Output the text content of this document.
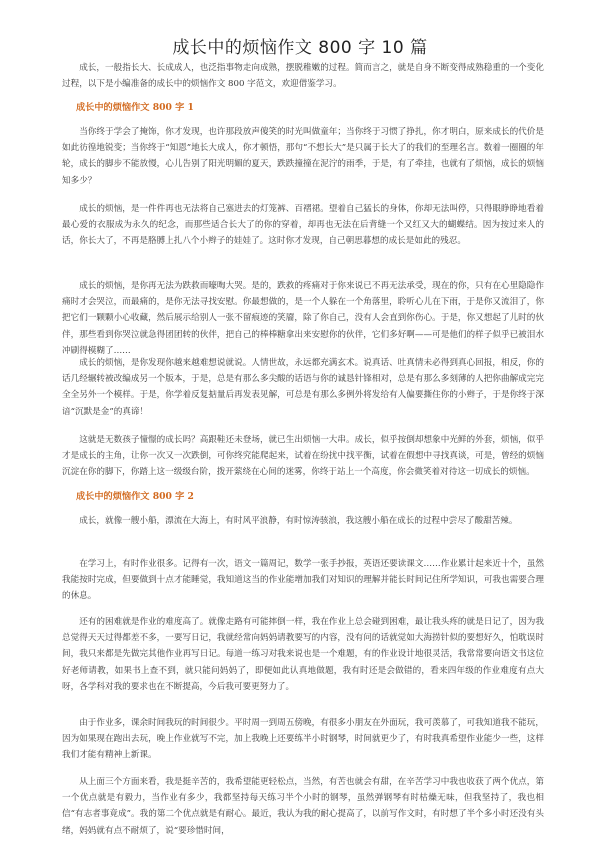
成长中的烦恼作文 800 字 10 篇

成长，一般指长大、长成成人，也泛指事物走向成熟，摆脱稚嫩的过程。简而言之，就是自身不断变得成熟稳重的一个变化过程，以下是小编准备的成长中的烦恼作文 800 字范文，欢迎借鉴学习。

成长中的烦恼作文 800 字 1

当你终于学会了掩饰，你才发现，也许那段放声傻笑的时光叫做童年；当你终于习惯了挣扎，你才明白，原来成长的代价是如此彷徨地锐变；当你终于“知恩”地长大成人，你才顿悟，那句“不想长大”是只属于长大了的我们的至理名言。数着一圈圈的年轮，成长的脚步不能放慢，心儿告别了阳光明媚的夏天，跌跌撞撞在泥泞的雨季，于是，有了牵挂，也就有了烦恼，成长的烦恼知多少？

成长的烦恼，是一件件再也无法将自己塞进去的灯笼裤、百褶裙。望着自己猛长的身体，你却无法叫停，只得眼睁睁地看着最心爱的衣服成为永久的纪念，而那些适合长大了的你的穿着，却再也无法在后背缝一个又红又大的蝴蝶结。因为按过来人的话，你长大了，不再是胳膊上扎八个小辫子的娃娃了。这时你才发现，自己朝思暮想的成长是如此的残忍。

成长的烦恼，是你再无法为跌救而嚎啕大哭。是的，跌救的疼痛对于你来说已不再无法承受，现在的你，只有在心里隐隐作痛时才会哭泣，而最痛的，是你无法寻找安慰。你最想做的，是一个人躲在一个角落里，聆听心儿在下雨，于是你又流泪了，你把它们一颗颗小心收藏，然后展示给别人一张不留痕迹的笑靥，除了你自己，没有人会直到你伤心。于是，你又想起了儿时的伙伴，那些看到你哭泣就急得团团转的伙伴，把自己的棒棒糖拿出来安慰你的伙伴，它们多好啊——可是他们的样子似乎已被泪水冲刷得模糊了……

成长的烦恼，是你发现你越来越难想说就说。人情世故，永远都充满玄术。说真话、吐真情未必得到真心回报，相反，你的话几经辗转被改编成另一个版本，于是，总是有那么多尖酸的话语与你的诚恳针锋相对，总是有那么多刻薄的人把你曲解成完完全全另外一个模样。于是，你学着反复掂量后再发表见解，可总是有那么多例外将发给有人偏要撕住你的小辫子，于是你终于深谙“沉默是金”的真谛！

这就是无数孩子憧憬的成长吗？高跟鞋还未登场，就已生出烦恼一大串。成长，似乎按倒却想象中光鲜的外套，烦恼，似乎才是成长的主角，让你一次又一次跌倒，可你终究能爬起来，试着在纷扰中找平衡，试着在假想中寻找真谈，可是，曾经的烦恼沉淀在你的脚下，你踏上这一级级台阶，拨开萦绕在心间的迷雾，你终于站上一个高度，你会微笑着对待这一切成长的烦恼。

成长中的烦恼作文 800 字 2

成长，就像一艘小船，漂流在大海上，有时风平浪静，有时惊涛骇浪，我这艘小船在成长的过程中尝尽了酸甜苦辣。

在学习上，有时作业很多。记得有一次，语文一篇周记，数学一张手抄报，英语还要读课文……作业累计起来近十个，虽然我能按时完成，但要做到十点才能睡觉，我知道这当的作业能增加我们对知识的理解并能长时间记住所学知识，可我也需要合理的休息。

还有的困难就是作业的难度高了。就像走路有可能摔倒一样，我在作业上总会碰到困难，最让我头疼的就是日记了，因为我总觉得天天过得都差不多，一要写日记，我就经常向妈妈请教要写的内容，没有问的话就觉如大海捞针似的要想好久，怕耽误时间，我只来都是先做完其他作业再写日记。每道一练习对我来说也是一个难题，有的作业设计地很灵活，我常常要向语文书这位好老师请教，如果书上查不到，就只能问妈妈了，即便如此认真地做题，我有时还是会做错的，看来四年级的作业难度有点大呀，各学科对我的要求也在不断提高，今后我可要更努力了。

由于作业多，课余时间我玩的时间很少。平时周一到周五傍晚，有很多小朋友在外面玩，我可羡慕了，可我知道我不能玩，因为如果现在跑出去玩，晚上作业就写不完，加上我晚上还要练半小时钢琴，时间就更少了，有时我真希望作业能少一些，这样我们才能有精神上新课。

从上面三个方面来看，我是挺辛苦的，我希望能更轻松点，当然，有苦也就会有甜，在辛苦学习中我也收获了两个优点，第一个优点就是有毅力，当作业有多少，我都坚持每天练习半个小时的钢琴，虽然弹钢琴有时枯燥无味，但我坚持了，我也相信“有志者事竟成”。我的第二个优点就是有耐心。最近，我认为我的耐心提高了，以前写作文时，有时想了半个多小时还没有头绪，妈妈就有点不耐烦了，说“要珍惜时间，
